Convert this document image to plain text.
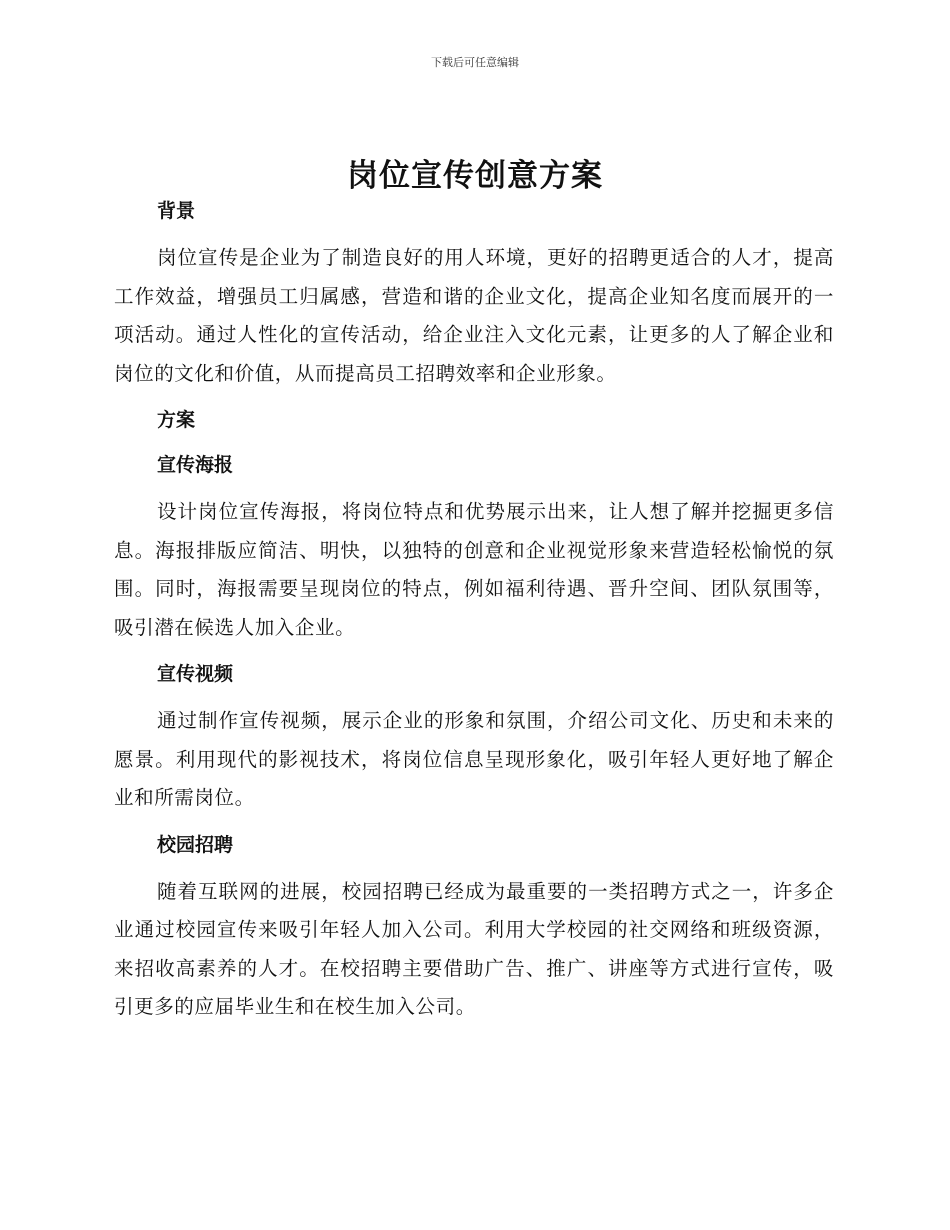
下载后可任意编辑
岗位宣传创意方案
背景

岗位宣传是企业为了制造良好的用人环境，更好的招聘更适合的人才，提高工作效益，增强员工归属感，营造和谐的企业文化，提高企业知名度而展开的一项活动。通过人性化的宣传活动，给企业注入文化元素，让更多的人了解企业和岗位的文化和价值，从而提高员工招聘效率和企业形象。

方案
宣传海报

设计岗位宣传海报，将岗位特点和优势展示出来，让人想了解并挖掘更多信息。海报排版应简洁、明快，以独特的创意和企业视觉形象来营造轻松愉悦的氛围。同时，海报需要呈现岗位的特点，例如福利待遇、晋升空间、团队氛围等，吸引潜在候选人加入企业。

宣传视频

通过制作宣传视频，展示企业的形象和氛围，介绍公司文化、历史和未来的愿景。利用现代的影视技术，将岗位信息呈现形象化，吸引年轻人更好地了解企业和所需岗位。

校园招聘

随着互联网的进展，校园招聘已经成为最重要的一类招聘方式之一，许多企业通过校园宣传来吸引年轻人加入公司。利用大学校园的社交网络和班级资源，来招收高素养的人才。在校招聘主要借助广告、推广、讲座等方式进行宣传，吸引更多的应届毕业生和在校生加入公司。
